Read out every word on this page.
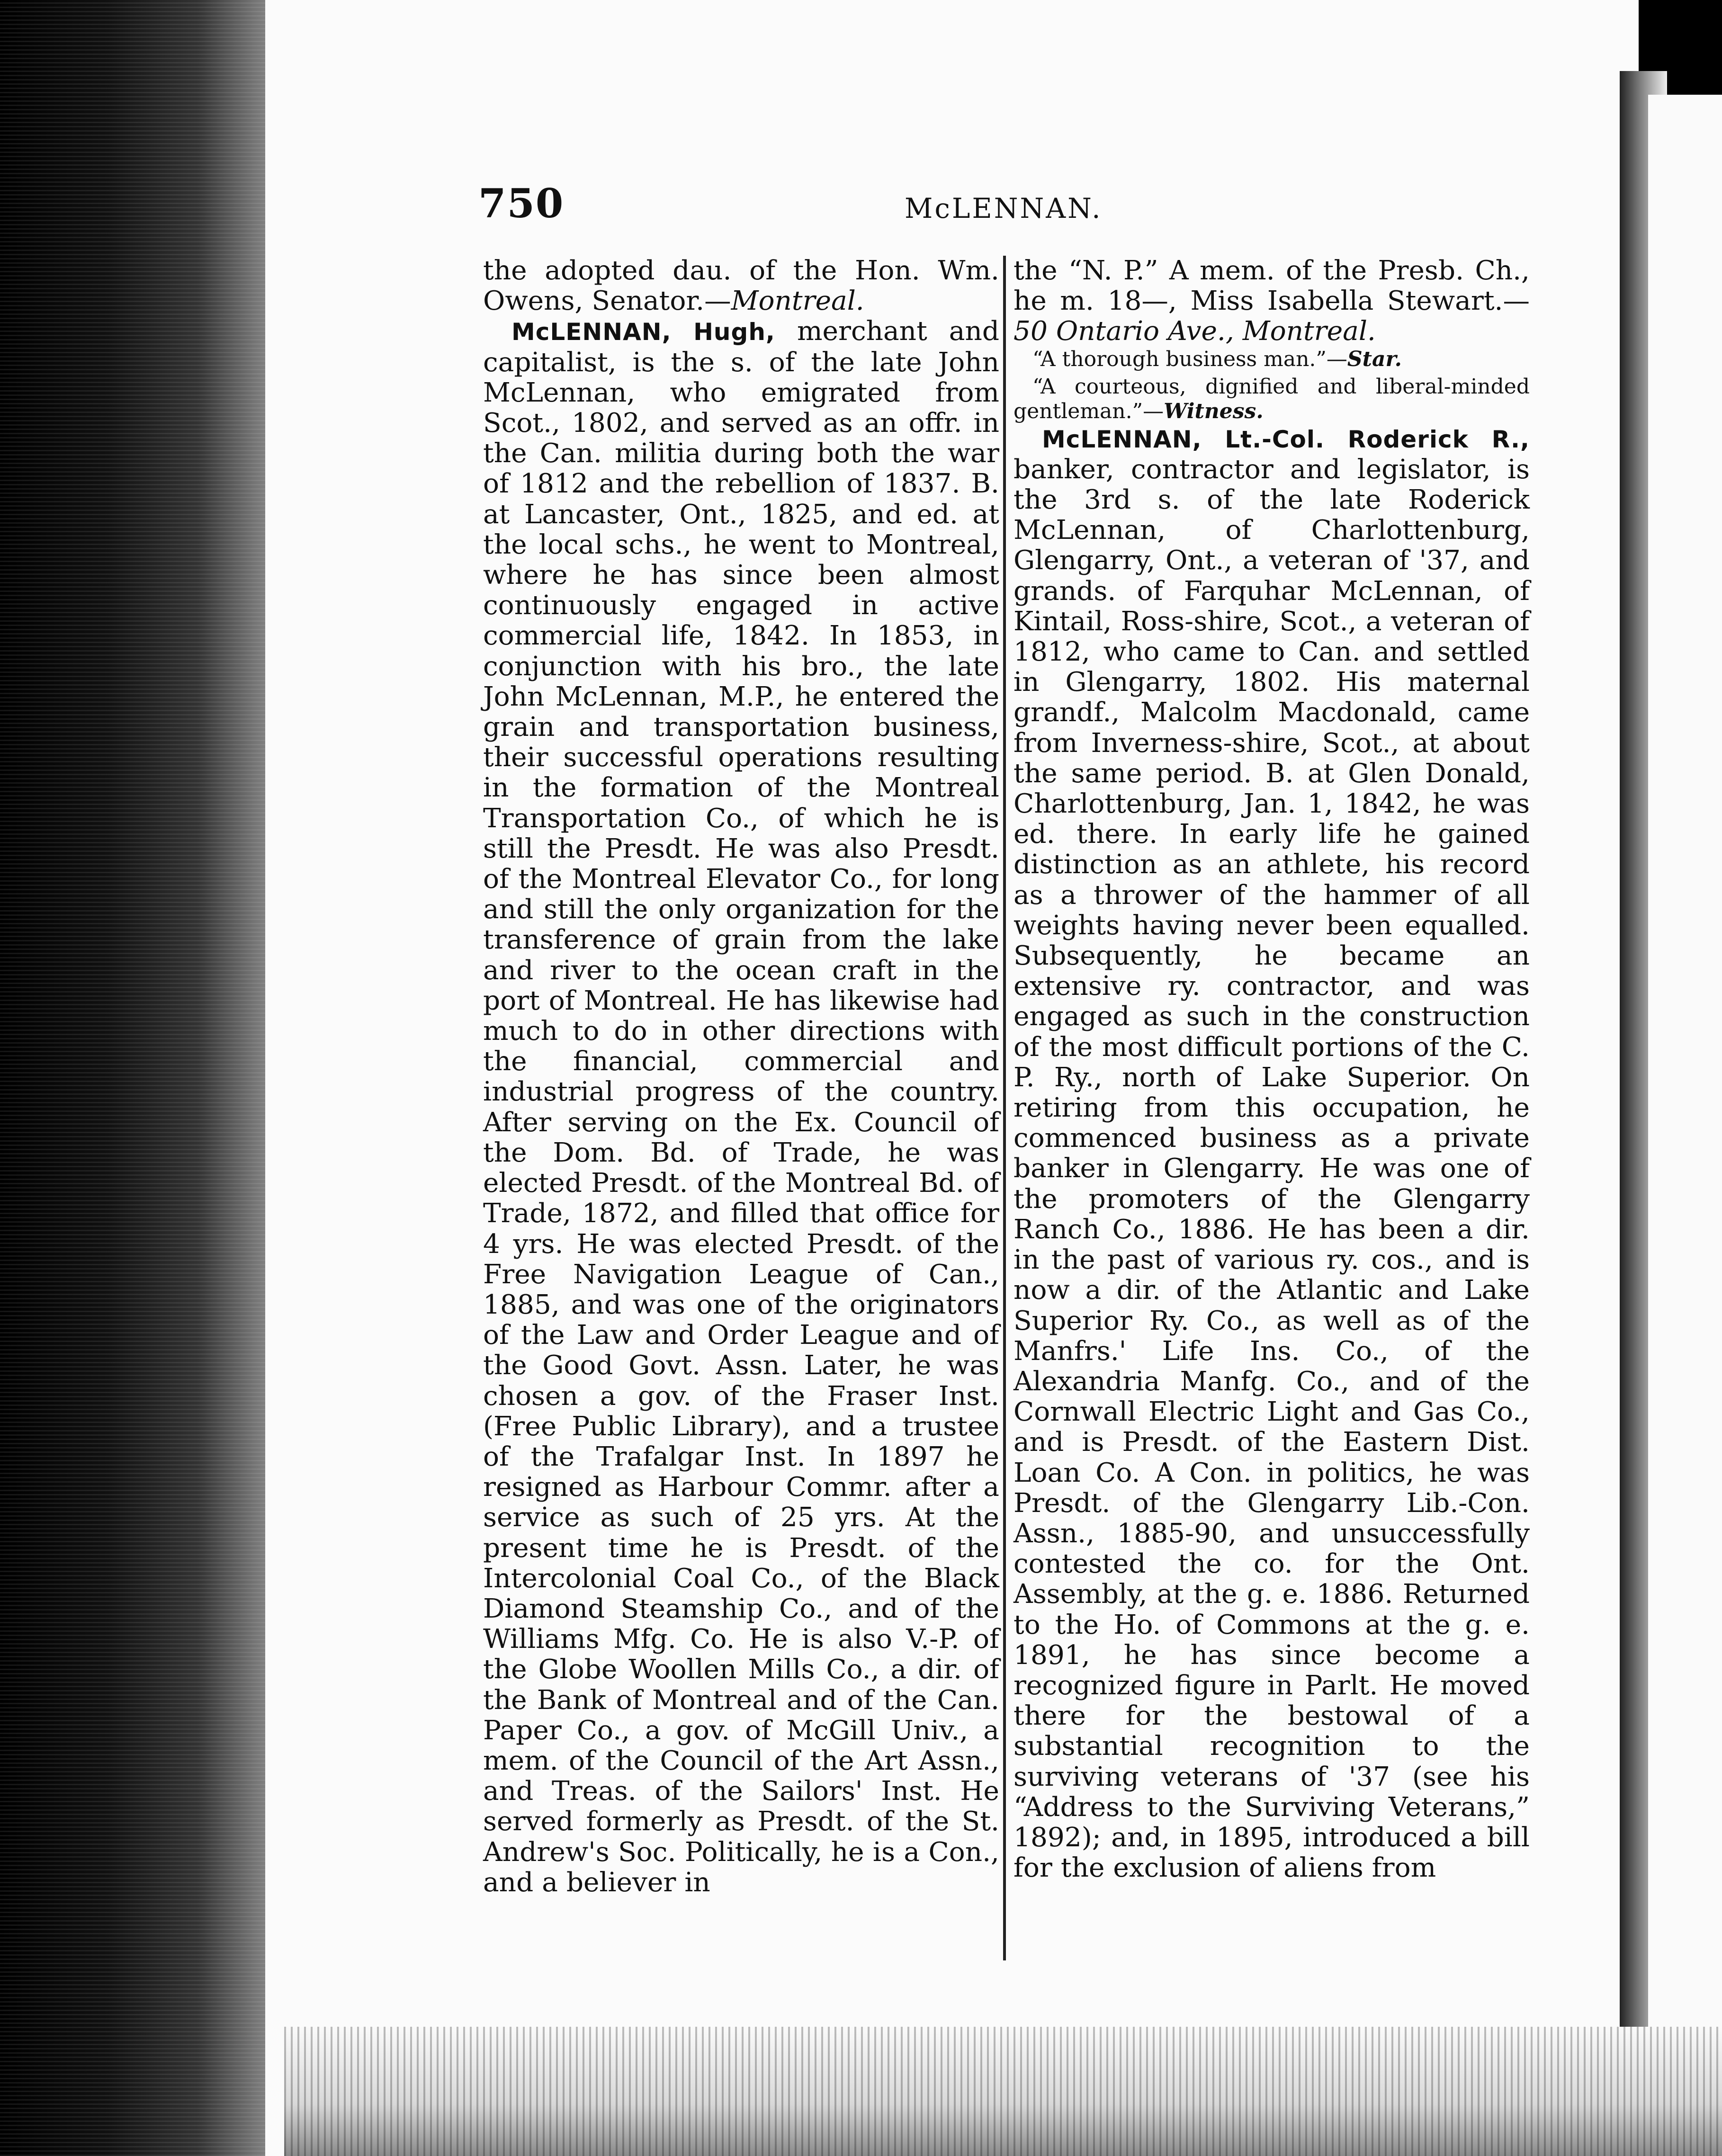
750	McLENNAN.

the adopted dau. of the Hon. Wm. Owens, Senator.—Montreal.

McLENNAN, Hugh, merchant and capitalist, is the s. of the late John McLennan, who emigrated from Scot., 1802, and served as an offr. in the Can. militia during both the war of 1812 and the rebellion of 1837. B. at Lancaster, Ont., 1825, and ed. at the local schs., he went to Montreal, where he has since been almost continuously engaged in active commercial life, 1842. In 1853, in conjunction with his bro., the late John McLennan, M.P., he entered the grain and transportation business, their successful operations resulting in the formation of the Montreal Transportation Co., of which he is still the Presdt. He was also Presdt. of the Montreal Elevator Co., for long and still the only organization for the transference of grain from the lake and river to the ocean craft in the port of Montreal. He has likewise had much to do in other directions with the financial, commercial and industrial progress of the country. After serving on the Ex. Council of the Dom. Bd. of Trade, he was elected Presdt. of the Montreal Bd. of Trade, 1872, and filled that office for 4 yrs. He was elected Presdt. of the Free Navigation League of Can., 1885, and was one of the originators of the Law and Order League and of the Good Govt. Assn. Later, he was chosen a gov. of the Fraser Inst. (Free Public Library), and a trustee of the Trafalgar Inst. In 1897 he resigned as Harbour Commr. after a service as such of 25 yrs. At the present time he is Presdt. of the Intercolonial Coal Co., of the Black Diamond Steamship Co., and of the Williams Mfg. Co. He is also V.-P. of the Globe Woollen Mills Co., a dir. of the Bank of Montreal and of the Can. Paper Co., a gov. of McGill Univ., a mem. of the Council of the Art Assn., and Treas. of the Sailors' Inst. He served formerly as Presdt. of the St. Andrew's Soc. Politically, he is a Con., and a believer in

the “N. P.” A mem. of the Presb. Ch., he m. 18—, Miss Isabella Stewart.—50 Ontario Ave., Montreal.

“A thorough business man.”—Star.

“A courteous, dignified and liberal-minded gentleman.”—Witness.

McLENNAN, Lt.-Col. Roderick R., banker, contractor and legislator, is the 3rd s. of the late Roderick McLennan, of Charlottenburg, Glengarry, Ont., a veteran of '37, and grands. of Farquhar McLennan, of Kintail, Ross-shire, Scot., a veteran of 1812, who came to Can. and settled in Glengarry, 1802. His maternal grandf., Malcolm Macdonald, came from Inverness-shire, Scot., at about the same period. B. at Glen Donald, Charlottenburg, Jan. 1, 1842, he was ed. there. In early life he gained distinction as an athlete, his record as a thrower of the hammer of all weights having never been equalled. Subsequently, he became an extensive ry. contractor, and was engaged as such in the construction of the most difficult portions of the C. P. Ry., north of Lake Superior. On retiring from this occupation, he commenced business as a private banker in Glengarry. He was one of the promoters of the Glengarry Ranch Co., 1886. He has been a dir. in the past of various ry. cos., and is now a dir. of the Atlantic and Lake Superior Ry. Co., as well as of the Manfrs.' Life Ins. Co., of the Alexandria Manfg. Co., and of the Cornwall Electric Light and Gas Co., and is Presdt. of the Eastern Dist. Loan Co. A Con. in politics, he was Presdt. of the Glengarry Lib.-Con. Assn., 1885-90, and unsuccessfully contested the co. for the Ont. Assembly, at the g. e. 1886. Returned to the Ho. of Commons at the g. e. 1891, he has since become a recognized figure in Parlt. He moved there for the bestowal of a substantial recognition to the surviving veterans of '37 (see his “Address to the Surviving Veterans,” 1892); and, in 1895, introduced a bill for the exclusion of aliens from
